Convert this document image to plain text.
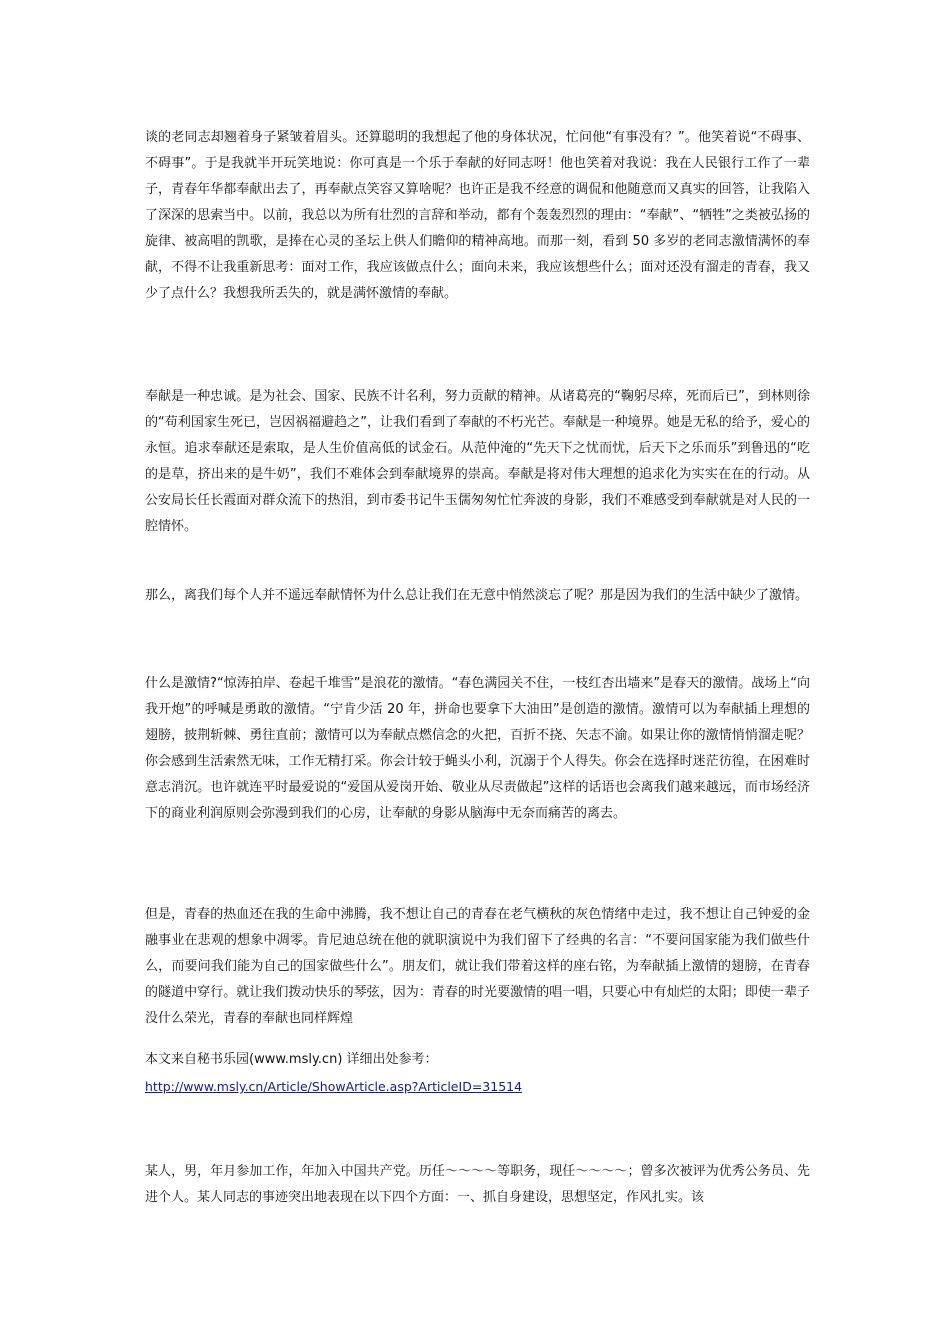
谈的老同志却翘着身子紧皱着眉头。还算聪明的我想起了他的身体状况，忙问他“有事没有？”。他笑着说“不碍事、不碍事”。于是我就半开玩笑地说：你可真是一个乐于奉献的好同志呀！他也笑着对我说：我在人民银行工作了一辈子，青春年华都奉献出去了，再奉献点笑容又算啥呢？也许正是我不经意的调侃和他随意而又真实的回答，让我陷入了深深的思索当中。以前，我总以为所有壮烈的言辞和举动，都有个轰轰烈烈的理由：“奉献”、“牺牲”之类被弘扬的旋律、被高唱的凯歌，是捧在心灵的圣坛上供人们瞻仰的精神高地。而那一刻，看到 50 多岁的老同志激情满怀的奉献，不得不让我重新思考：面对工作，我应该做点什么；面向未来，我应该想些什么；面对还没有溜走的青春，我又少了点什么？我想我所丢失的，就是满怀激情的奉献。

奉献是一种忠诚。是为社会、国家、民族不计名利，努力贡献的精神。从诸葛亮的“鞠躬尽瘁，死而后已”，到林则徐的“苟利国家生死已，岂因祸福避趋之”，让我们看到了奉献的不朽光芒。奉献是一种境界。她是无私的给予，爱心的永恒。追求奉献还是索取，是人生价值高低的试金石。从范仲淹的“先天下之忧而忧，后天下之乐而乐”到鲁迅的“吃的是草，挤出来的是牛奶”，我们不难体会到奉献境界的崇高。奉献是将对伟大理想的追求化为实实在在的行动。从公安局长任长霞面对群众流下的热泪，到市委书记牛玉儒匆匆忙忙奔波的身影，我们不难感受到奉献就是对人民的一腔情怀。

那么，离我们每个人并不遥远奉献情怀为什么总让我们在无意中悄然淡忘了呢？那是因为我们的生活中缺少了激情。

什么是激情?“惊涛拍岸、卷起千堆雪”是浪花的激情。“春色满园关不住，一枝红杏出墙来”是春天的激情。战场上“向我开炮”的呼喊是勇敢的激情。“宁肯少活 20 年，拼命也要拿下大油田”是创造的激情。激情可以为奉献插上理想的翅膀，披荆斩棘、勇往直前；激情可以为奉献点燃信念的火把，百折不挠、矢志不渝。如果让你的激情悄悄溜走呢？你会感到生活索然无味，工作无精打采。你会计较于蝇头小利，沉溺于个人得失。你会在选择时迷茫彷徨，在困难时意志消沉。也许就连平时最爱说的“爱国从爱岗开始、敬业从尽责做起”这样的话语也会离我们越来越远，而市场经济下的商业利润原则会弥漫到我们的心房，让奉献的身影从脑海中无奈而痛苦的离去。

但是，青春的热血还在我的生命中沸腾，我不想让自己的青春在老气横秋的灰色情绪中走过，我不想让自己钟爱的金融事业在悲观的想象中凋零。肯尼迪总统在他的就职演说中为我们留下了经典的名言：“不要问国家能为我们做些什么，而要问我们能为自己的国家做些什么”。朋友们，就让我们带着这样的座右铭，为奉献插上激情的翅膀，在青春的隧道中穿行。就让我们拨动快乐的琴弦，因为：青春的时光要激情的唱一唱，只要心中有灿烂的太阳；即使一辈子没什么荣光，青春的奉献也同样辉煌

本文来自秘书乐园(www.msly.cn) 详细出处参考：

http://www.msly.cn/Article/ShowArticle.asp?ArticleID=31514

某人，男，年月参加工作，年加入中国共产党。历任～～～～等职务，现任～～～～；曾多次被评为优秀公务员、先进个人。某人同志的事迹突出地表现在以下四个方面：一、抓自身建设，思想坚定，作风扎实。该
